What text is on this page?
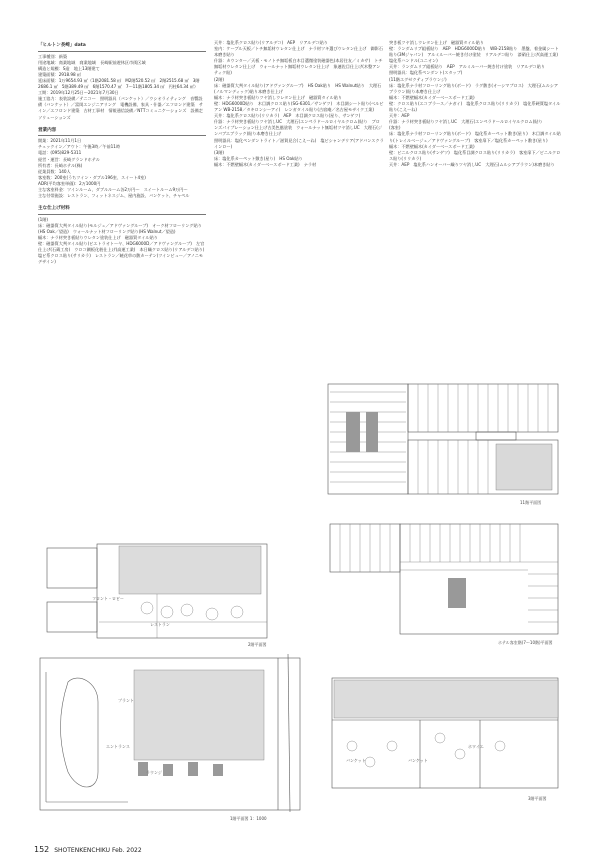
「ヒルトン長崎」data

工事種別：新築

用途地域：商業地域　商業地域　長崎駅前遊休区市街区域

構造と規模：S造　地上13階建て

建築面積：2918.98 ㎡

延床面積：1万9654.93 ㎡（1階2081.58 ㎡　M2階520.52 ㎡　2階2515.68 ㎡　3階2686.1 ㎡　5階389.49 ㎡　6階1570.47 ㎡　7～11階1805.34 ㎡　円柱64.34 ㎡）

工期：2019年12月25日～2021年7月30日

施工協力：表装設備／テニコー　照明器具（バンケット）／ウシオライティング　音響設備（バンケット）／富岡エンジニアリング　電機設備、家具・什器／エフロンド建築　サイン／エフロンド建築　古材工事材　情報通信設備／NTTコミュニケーションズ　設備走ソリューションズ

営業内容

開業：2021年11月1日

チェックイン／アウト：午後3時／午前11時

電話：(095)829-5311

経営・運営：長崎グランドホテル

所有者：長崎ホテル(株)

従業員数：140人

客室数：200室(うちツイン・ダブル196室、スイート4室)

ADR(平均客室単価)：2万1000円

主な客室料金：ツインルーム、ダブルルーム各2万円～　スイートルーム9万円～

主な付帯施設：レストラン、フィットネスジム、屋内施設、バンケット、チャペル

主な仕上げ材料

(1階)

床：磁器質大判タイル貼り(モルジュ／アドヴァングループ)　オーク材フローリング貼り(HS Oak／望造)　ウォールナット材フローリング貼り(HS Walnut／望造)

幅木：ナラ材突き板貼りウレタン塗装仕上げ　磁器質タイル貼り

壁：磁器質大判タイル貼り(ビエトラオトーヤ、HDG6000D／アドヴァングループ)　左官仕上げ(石蔵工房)　ウロコ鋼板化粧仕上げ(高運工業)　本日織クロス貼り(リアルデコ貼り)　塩ビ系クロス貼り(サリカラ)　レストラン／暁花草の敷カーテン(ツインビュー／アノニモデザイン)

天井：塩化系クロス貼り(リアルデコ)　AEP　リアルデコ貼り

室内：ケーブル天板／トチ無垢材ウレタン仕上げ　ナラ材ツキ選びウレタン仕上げ　御影石本磨き貼り

什器：カウンター／天板・モノトチ無垢板白木目選微塗装磁器色(本居住友／ミカサ)　トチ無垢材ウレタン仕上げ　ウォールナット無垢材ウレタン仕上げ　象連佐目仕上げ(木整アンティク貼)

(2階)

床：磁器質大判タイル貼り(アドヴァングループ)　HS Oak貼り　HS Walnut貼り　大理石(ノルマンディック)貼り本磨き仕上げ

幅木：ナラ材突き板貼りツヤ消しウレタン仕上げ　磁器質タイル貼り

壁：HDG6000D貼り　木目調クロス貼り(SG-6301／サンゲツ)　木目調シート貼り(ベルビアン WB-2158／タキロンシーアイ)　レンガタイル貼り(古宿庵／名古屋モザイク工業)

天井：塩化系クロス貼り(リリカラ)　AEP　木目調クロス貼り(星り、サンゲツ)

什器：ナラ材突き板貼りツヤ消しUC　大理石(エンペラドールロイヤルクロム)貼り　ブロンズパイプレーション仕上げ古美色風塗装　ウォールナット無垢材ツヤ消しUC　大理石(ジンバブエブラック)貼り本磨き仕上げ

照明器具：塩化ペンダントライト／滋賀見合(こえーね)　塩ビシャンデリア(アドバンスクラインロー)

(3階)

床：塩化系カーペット敷き(星り)　HS Oak貼り

幅木：不燃壁幅木(カイダーベースボード工業)　ナラ材

突き板ツヤ消しウレタン仕上げ　磁器質タイル貼り

壁：ランダムリブ組板貼り　AEP　HDG6000D貼り　WB-2158貼り　墨盤、着金属シート貼り(3Mジャパン)　アルミルーバー焼き付け塗装　リアルデコ貼り　漆硝仕上げ(高運工業)　塩化系ハンドル(ユニオン)

天井：ランダムリブ組板貼り　AEP　アルミルーバー焼き付け塗装　リアルデコ貼り

照明器具：塩化系ペンダント(スタップ)

(11階エグゼクティブラウンジ)

床：塩化系ナラ材フローリング貼り(ボード)　ラグ敷き(オーシマプロス)　大理石(ムルシアブラウン)貼り本磨き仕上げ

幅木：不燃壁幅木(カイダーベースボード工業)

壁：クロス貼り(エコブラース／ナガイ)　塩化系クロス貼り(リリカラ)　塩化系硬質塩タイル貼り(こえーね)

天井：AEP

什器：ナラ材突き板貼りツヤ消しUC　大理石(エンペラドールロイヤルクロム)貼り

(客室)

床：塩化系ナラ材フローリング貼り(ボード)　塩化系カーペット敷き(星り)　木目調タイル貼り(トレイルベージュ／アドヴァングループ)　客室扉下／塩化系カーペット敷き(星り)

幅木：不燃壁幅木(カイダーベースボード工業)

壁：ビニルクロス貼り(サンゲツ)　塩化系目調クロス貼り(リリカラ)　客室扉下／ビニルクロス貼り(リリカラ)

天井：AEP　塩化系ハンオーバー織りツヤ消しUC　大理石(ムルシアブラウン)本磨き貼り

11階平面図
フロント・ロビー
レストラン
2階平面図	ホテル客室階(7～10階)平面図
プラント
エントランス
ラウンジ
1階平面図 1：1000
バンケット	バンケット
ホワイエ
3階平面図
152 SHOTENKENCHIKU Feb. 2022
